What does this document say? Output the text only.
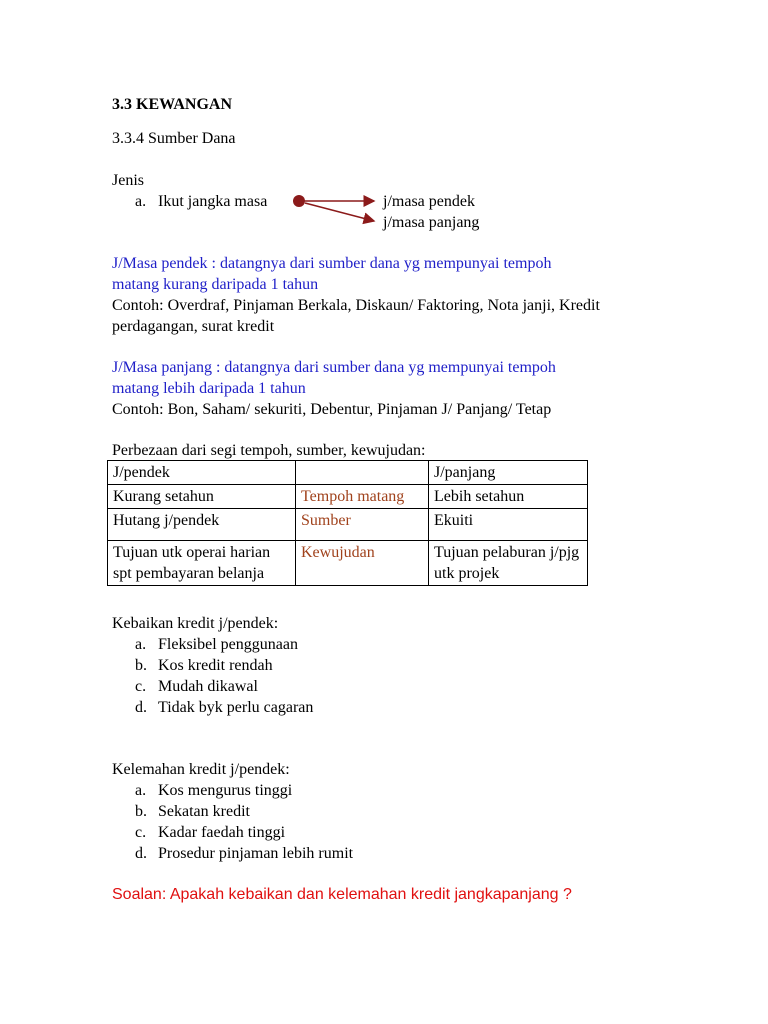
3.3 KEWANGAN
3.3.4 Sumber Dana
Jenis
a. Ikut jangka masa	j/masa pendek
j/masa panjang
J/Masa pendek : datangnya dari sumber dana yg mempunyai tempoh
matang kurang daripada 1 tahun
Contoh: Overdraf, Pinjaman Berkala, Diskaun/ Faktoring, Nota janji, Kredit
perdagangan, surat kredit
J/Masa panjang : datangnya dari sumber dana yg mempunyai tempoh
matang lebih daripada 1 tahun
Contoh: Bon, Saham/ sekuriti, Debentur, Pinjaman J/ Panjang/ Tetap
Perbezaan dari segi tempoh, sumber, kewujudan:
J/pendek		J/panjang
Kurang setahun	Tempoh matang	Lebih setahun
Hutang j/pendek	Sumber	Ekuiti
Tujuan utk operai harian spt pembayaran belanja	Kewujudan	Tujuan pelaburan j/pjg utk projek
Kebaikan kredit j/pendek:
a. Fleksibel penggunaan
b. Kos kredit rendah
c. Mudah dikawal
d. Tidak byk perlu cagaran
Kelemahan kredit j/pendek:
a. Kos mengurus tinggi
b. Sekatan kredit
c. Kadar faedah tinggi
d. Prosedur pinjaman lebih rumit
Soalan: Apakah kebaikan dan kelemahan kredit jangkapanjang ?
